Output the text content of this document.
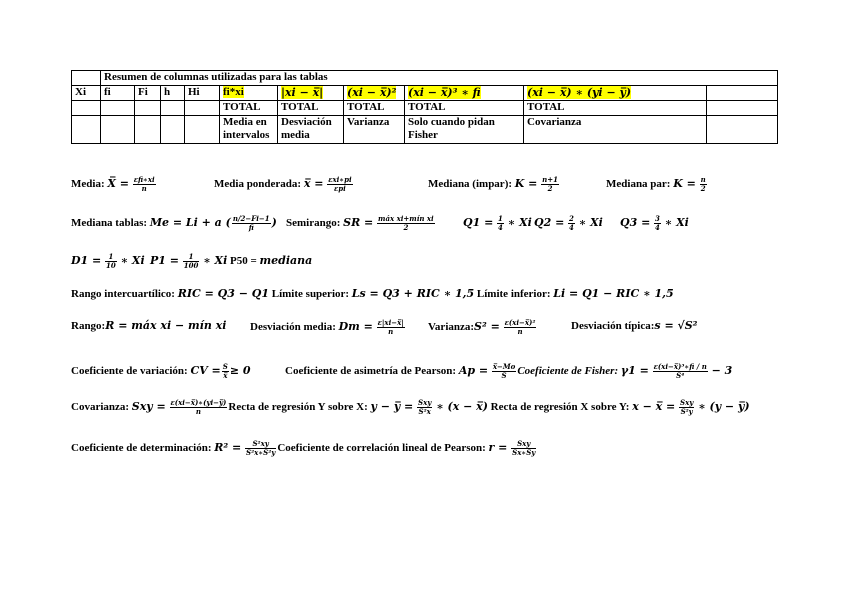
	Resumen de columnas utilizadas para las tablas									
Xi	fi	Fi	h	Hi	fi*xi	|xi − x̅|	(xi − x̅)²	(xi − x̅)³ ∗ fi	(xi − x̅) ∗ (yi − y̅)	
					TOTAL	TOTAL	TOTAL	TOTAL	TOTAL	
					Media en intervalos	Desviación media	Varianza	Solo cuando pidan Fisher	Covarianza	
Media: X̅ = $\frac{\text{εfi∗xi}}{n}$	Media ponderada: x̅ = $\frac{\text{εxi∗pi}}{\text{εpi}}$	Mediana (impar): $K = \frac{n+1}{2}$	Mediana par: $K = \frac{n}{2}$
Mediana tablas: Me = Li + a ( $\frac{n/2-Fi-1}{fi}$ ) Semirango: SR = $\frac{\text{máx xi+mín xi}}{2}$	$Q1 = \frac{1}{4}$ ∗ Xi $Q2 = \frac{2}{4}$ ∗ Xi $Q3 = \frac{3}{4}$ ∗ Xi
$D1 = \frac{1}{10}$ ∗ Xi $P1 = \frac{1}{100}$ ∗ Xi P50 = mediana
Rango intercuartílico: RIC = Q3 − Q1 Límite superior: Ls = Q3 + RIC ∗ 1,5 Límite inferior: Li = Q1 − RIC ∗ 1,5
Rango:R = máx xi − mín xi Desviación media: $Dm = \frac{\varepsilon|xi-x̅|}{n}$ Varianza:S² = $\frac{\text{ε(xi−x̅)²}}{n}$	Desviación típica:s = √S²
Coeficiente de variación: CV = $\frac{S}{x̅} \ge 0$	Coeficiente de asimetría de Pearson: $Ap = \frac{x̅-Mo}{S}$ Coeficiente de Fisher: $\gamma 1 = \frac{\text{ε(xi−x̅)³∗fi / n}}{\text{S⁴}} - 3$
Covarianza: Sxy = $\frac{\varepsilon(xi-x̅)∗(yi-y̅)}{n}$ Recta de regresión Y sobre X: y − y̅ = $\frac{\text{Sxy}}{\text{S²x}}$ ∗ (x − x̅) Recta de regresión X sobre Y: x − x̅ = $\frac{\text{Sxy}}{\text{S²y}}$ ∗ (y − y̅)
Coeficiente de determinación: $R^2 = \frac{\text{S²xy}}{\text{S²x∗S²y}}$ Coeficiente de correlación lineal de Pearson: $r = \frac{\text{Sxy}}{Sx∗Sy}$
